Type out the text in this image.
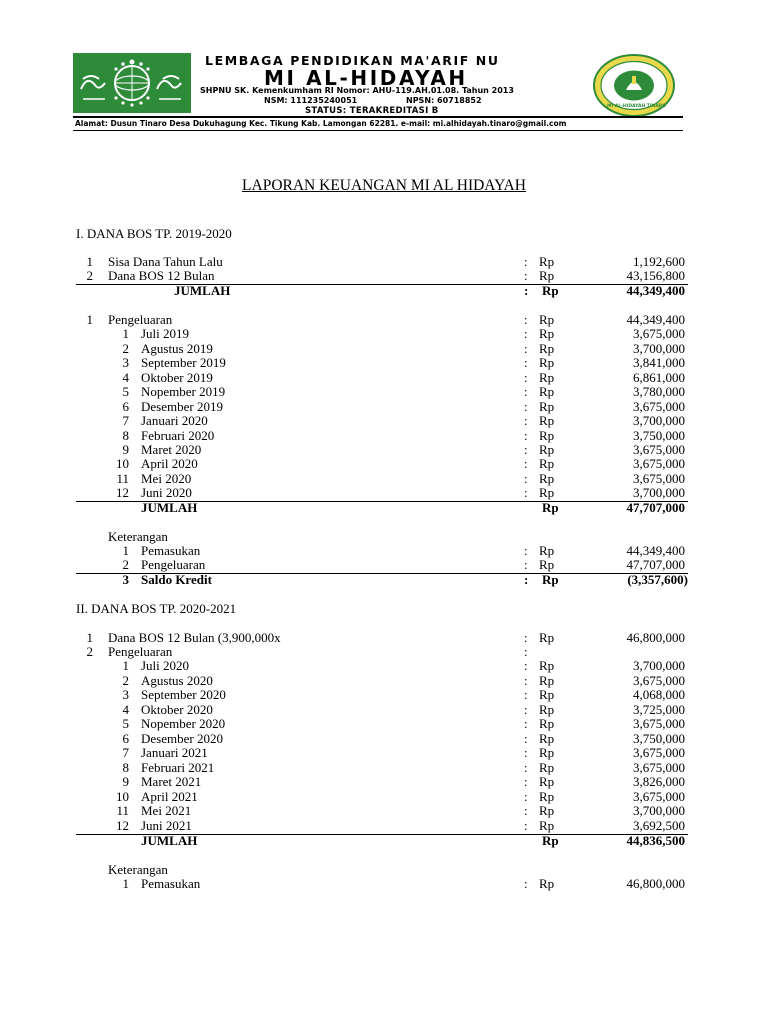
LEMBAGA PENDIDIKAN MA'ARIF NU
MI AL-HIDAYAH
SHPNU SK. Kemenkumham RI Nomor: AHU-119.AH.01.08. Tahun 2013
NSM: 111235240051	NPSN: 60718852
STATUS: TERAKREDITASI B	MI AL-HIDAYAH TINARO
Alamat: Dusun Tinaro Desa Dukuhagung Kec. Tikung Kab. Lamongan 62281. e-mail: mi.alhidayah.tinaro@gmail.com
LAPORAN KEUANGAN MI AL HIDAYAH
I. DANA BOS TP. 2019-2020
1 Sisa Dana Tahun Lalu	: Rp	1,192,600
2 Dana BOS 12 Bulan	: Rp	43,156,800
JUMLAH	: Rp	44,349,400
1 Pengeluaran	: Rp	44,349,400
1 Juli 2019	: Rp	3,675,000
2 Agustus 2019	: Rp	3,700,000
3 September 2019	: Rp	3,841,000
4 Oktober 2019	: Rp	6,861,000
5 Nopember 2019	: Rp	3,780,000
6 Desember 2019	: Rp	3,675,000
7 Januari 2020	: Rp	3,700,000
8 Februari 2020	: Rp	3,750,000
9 Maret 2020	: Rp	3,675,000
10 April 2020	: Rp	3,675,000
11 Mei 2020	: Rp	3,675,000
12 Juni 2020	: Rp	3,700,000
JUMLAH	Rp	47,707,000
Keterangan
1 Pemasukan	: Rp	44,349,400
2 Pengeluaran	: Rp	47,707,000
3 Saldo Kredit	: Rp	(3,357,600)
II. DANA BOS TP. 2020-2021
1 Dana BOS 12 Bulan (3,900,000x	: Rp	46,800,000
2 Pengeluaran	:
1 Juli 2020	: Rp	3,700,000
2 Agustus 2020	: Rp	3,675,000
3 September 2020	: Rp	4,068,000
4 Oktober 2020	: Rp	3,725,000
5 Nopember 2020	: Rp	3,675,000
6 Desember 2020	: Rp	3,750,000
7 Januari 2021	: Rp	3,675,000
8 Februari 2021	: Rp	3,675,000
9 Maret 2021	: Rp	3,826,000
10 April 2021	: Rp	3,675,000
11 Mei 2021	: Rp	3,700,000
12 Juni 2021	: Rp	3,692,500
JUMLAH	Rp	44,836,500
Keterangan
1 Pemasukan	: Rp	46,800,000
